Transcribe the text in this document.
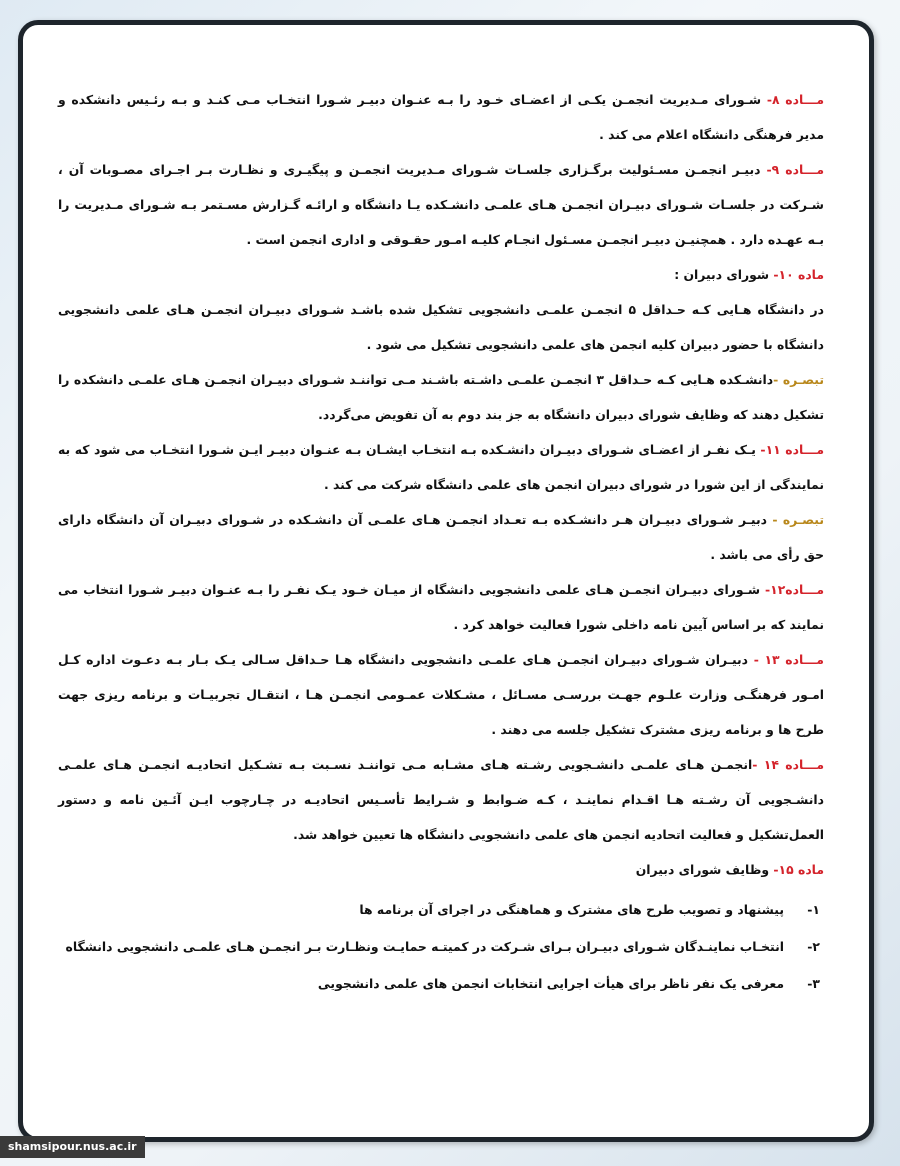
مـــاده ۸- شـورای مـدیریت انجمـن یکـی از اعضـای خـود را بـه عنـوان دبیـر شـورا انتخـاب مـی کنـد و بـه رئـیس دانشکده و مدیر فرهنگی دانشگاه اعلام می کند .

مـــاده ۹- دبیـر انجمـن مسـئولیت برگـزاری جلسـات شـورای مـدیریت انجمـن و پیگیـری و نظـارت بـر اجـرای مصـوبات آن ، شـرکت در جلسـات شـورای دبیـران انجمـن هـای علمـی دانشـکده یـا دانشگاه و ارائـه گـزارش مسـتمر بـه شـورای مـدیریت را بـه عهـده دارد . همچنیـن دبیـر انجمـن مسـئول انجـام کلیـه امـور حقـوقی و اداری انجمن است .

ماده ۱۰- شورای دبیران :

در دانشگاه هـایی کـه حـداقل ۵ انجمـن علمـی دانشجویی تشکیل شده باشـد شـورای دبیـران انجمـن هـای علمی دانشجویی دانشگاه با حضور دبیران کلیه انجمن های علمی دانشجویی تشکیل می شود .

تبصـره -دانشـکده هـایی کـه حـداقل ۳ انجمـن علمـی داشـته باشـند مـی تواننـد شـورای دبیـران انجمـن هـای علمـی دانشکده را تشکیل دهند که وظایف شورای دبیران دانشگاه به جز بند دوم به آن تفویض می‌گردد.

مـــاده ۱۱- یـک نفـر از اعضـای شـورای دبیـران دانشـکده بـه انتخـاب ایشـان بـه عنـوان دبیـر ایـن شـورا انتخـاب می شود که به نمایندگی از این شورا در شورای دبیران انجمن های علمی دانشگاه شرکت می کند .

تبصـره - دبیـر شـورای دبیـران هـر دانشـکده بـه تعـداد انجمـن هـای علمـی آن دانشـکده در شـورای دبیـران آن دانشگاه دارای حق رأی می باشد .

مـــاده۱۲- شـورای دبیـران انجمـن هـای علمی دانشجویی دانشگاه از میـان خـود یـک نفـر را بـه عنـوان دبیـر شـورا انتخاب می نمایند که بر اساس آیین نامه داخلی شورا فعالیت خواهد کرد .

مـــاده ۱۳ - دبیـران شـورای دبیـران انجمـن هـای علمـی دانشجویی دانشگاه هـا حـداقل سـالی یـک بـار بـه دعـوت اداره کـل امـور فرهنگـی وزارت علـوم جهـت بررسـی مسـائل ، مشـکلات عمـومی انجمـن هـا ، انتقـال تجربیـات و برنامه ریزی جهت طرح ها و برنامه ریزی مشترک تشکیل جلسه می دهند .

مـــاده ۱۴ -انجمـن هـای علمـی دانشـجویی رشـته هـای مشـابه مـی تواننـد نسـبت بـه تشـکیل اتحادیـه انجمـن هـای علمـی دانشـجویی آن رشـته هـا اقـدام نماینـد ، کـه ضـوابط و شـرایط تأسـیس اتحادیـه در چـارچوب ایـن آئـین نامه و دستور العمل‌تشکیل و فعالیت اتحادیه انجمن های علمی دانشجویی دانشگاه ها تعیین خواهد شد.

ماده ۱۵- وظایف شورای دبیران

۱-
پیشنهاد و تصویب طرح های مشترک و هماهنگی در اجرای آن برنامه ها

۲-
انتخـاب نماینـدگان شـورای دبیـران بـرای شـرکت در کمیتـه حمایـت ونظـارت بـر انجمـن هـای علمـی دانشجویی دانشگاه

۳-
معرفی یک نفر ناظر برای هیأت اجرایی انتخابات انجمن های علمی دانشجویی

shamsipour.nus.ac.ir
